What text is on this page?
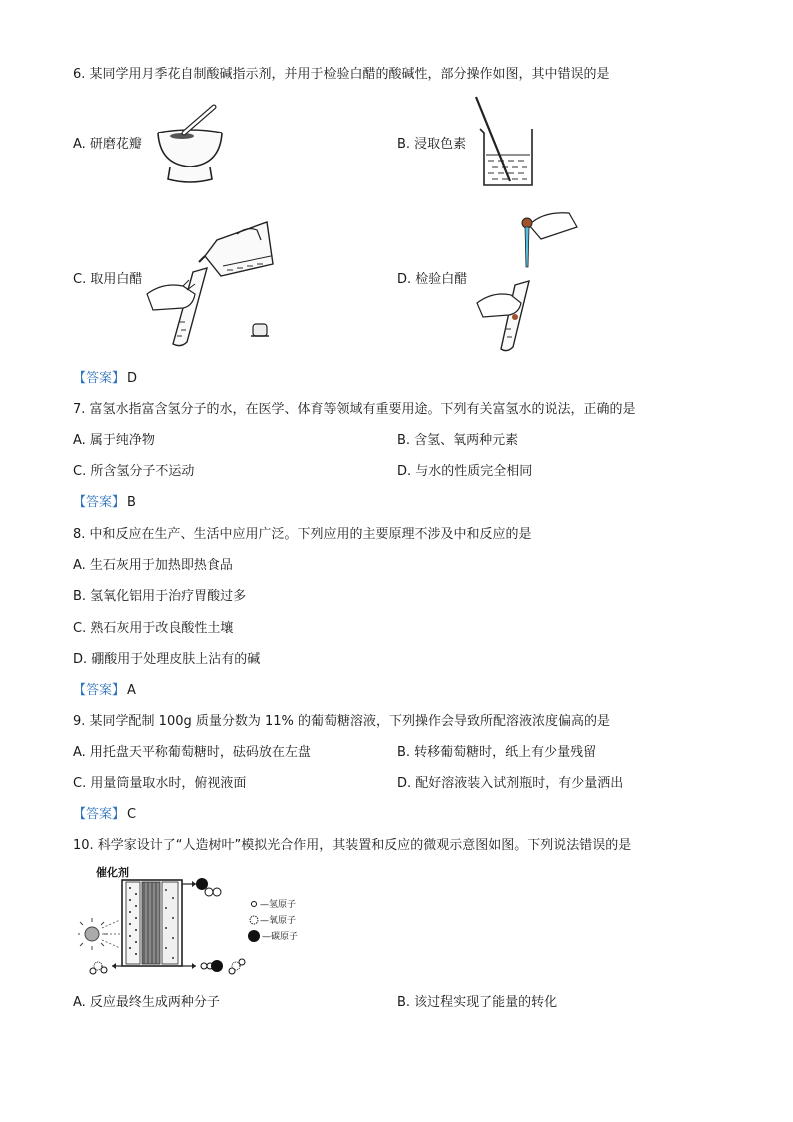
6. 某同学用月季花自制酸碱指示剂，并用于检验白醋的酸碱性，部分操作如图，其中错误的是
A. 研磨花瓣	B. 浸取色素
C. 取用白醋	D. 检验白醋
【答案】 D
7. 富氢水指富含氢分子的水，在医学、体育等领域有重要用途。下列有关富氢水的说法，正确的是
A. 属于纯净物	B. 含氢、氧两种元素
C. 所含氢分子不运动	D. 与水的性质完全相同
【答案】 B
8. 中和反应在生产、生活中应用广泛。下列应用的主要原理不涉及中和反应的是
A. 生石灰用于加热即热食品
B. 氢氧化铝用于治疗胃酸过多
C. 熟石灰用于改良酸性土壤
D. 硼酸用于处理皮肤上沾有的碱
【答案】 A
9. 某同学配制 100g 质量分数为 11% 的葡萄糖溶液，下列操作会导致所配溶液浓度偏高的是
A. 用托盘天平称葡萄糖时，砝码放在左盘	B. 转移葡萄糖时，纸上有少量残留
C. 用量筒量取水时，俯视液面	D. 配好溶液装入试剂瓶时，有少量洒出
【答案】 C
10. 科学家设计了“人造树叶”模拟光合作用，其装置和反应的微观示意图如图。下列说法错误的是
催化剂
—氢原子
—氧原子
—碳原子
A. 反应最终生成两种分子	B. 该过程实现了能量的转化
